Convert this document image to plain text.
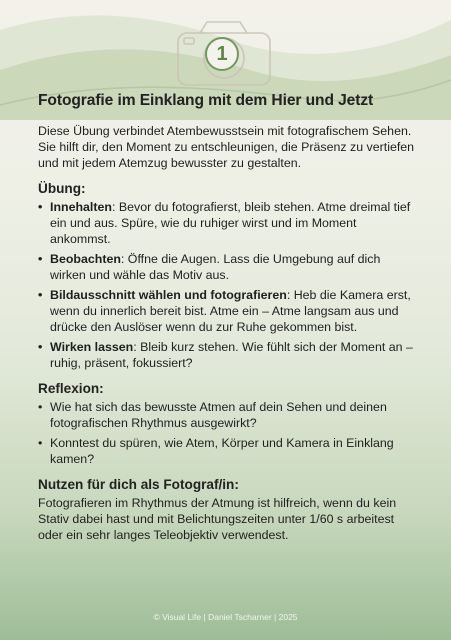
1
Fotografie im Einklang mit dem Hier und Jetzt

Diese Übung verbindet Atembewusstsein mit fotografischem Sehen. Sie hilft dir, den Moment zu entschleunigen, die Präsenz zu vertiefen und mit jedem Atemzug bewusster zu gestalten.

Übung:
• Innehalten: Bevor du fotografierst, bleib stehen. Atme dreimal tief ein und aus. Spüre, wie du ruhiger wirst und im Moment ankommst.
• Beobachten: Öffne die Augen. Lass die Umgebung auf dich wirken und wähle das Motiv aus.
• Bildausschnitt wählen und fotografieren: Heb die Kamera erst, wenn du innerlich bereit bist. Atme ein – Atme langsam aus und drücke den Auslöser wenn du zur Ruhe gekommen bist.
• Wirken lassen: Bleib kurz stehen. Wie fühlt sich der Moment an – ruhig, präsent, fokussiert?
Reflexion:
• Wie hat sich das bewusste Atmen auf dein Sehen und deinen fotografischen Rhythmus ausgewirkt?
• Konntest du spüren, wie Atem, Körper und Kamera in Einklang kamen?
Nutzen für dich als Fotograf/in:

Fotografieren im Rhythmus der Atmung ist hilfreich, wenn du kein Stativ dabei hast und mit Belichtungszeiten unter 1/60 s arbeitest oder ein sehr langes Teleobjektiv verwendest.

© Visual Life | Daniel Tscharner | 2025
